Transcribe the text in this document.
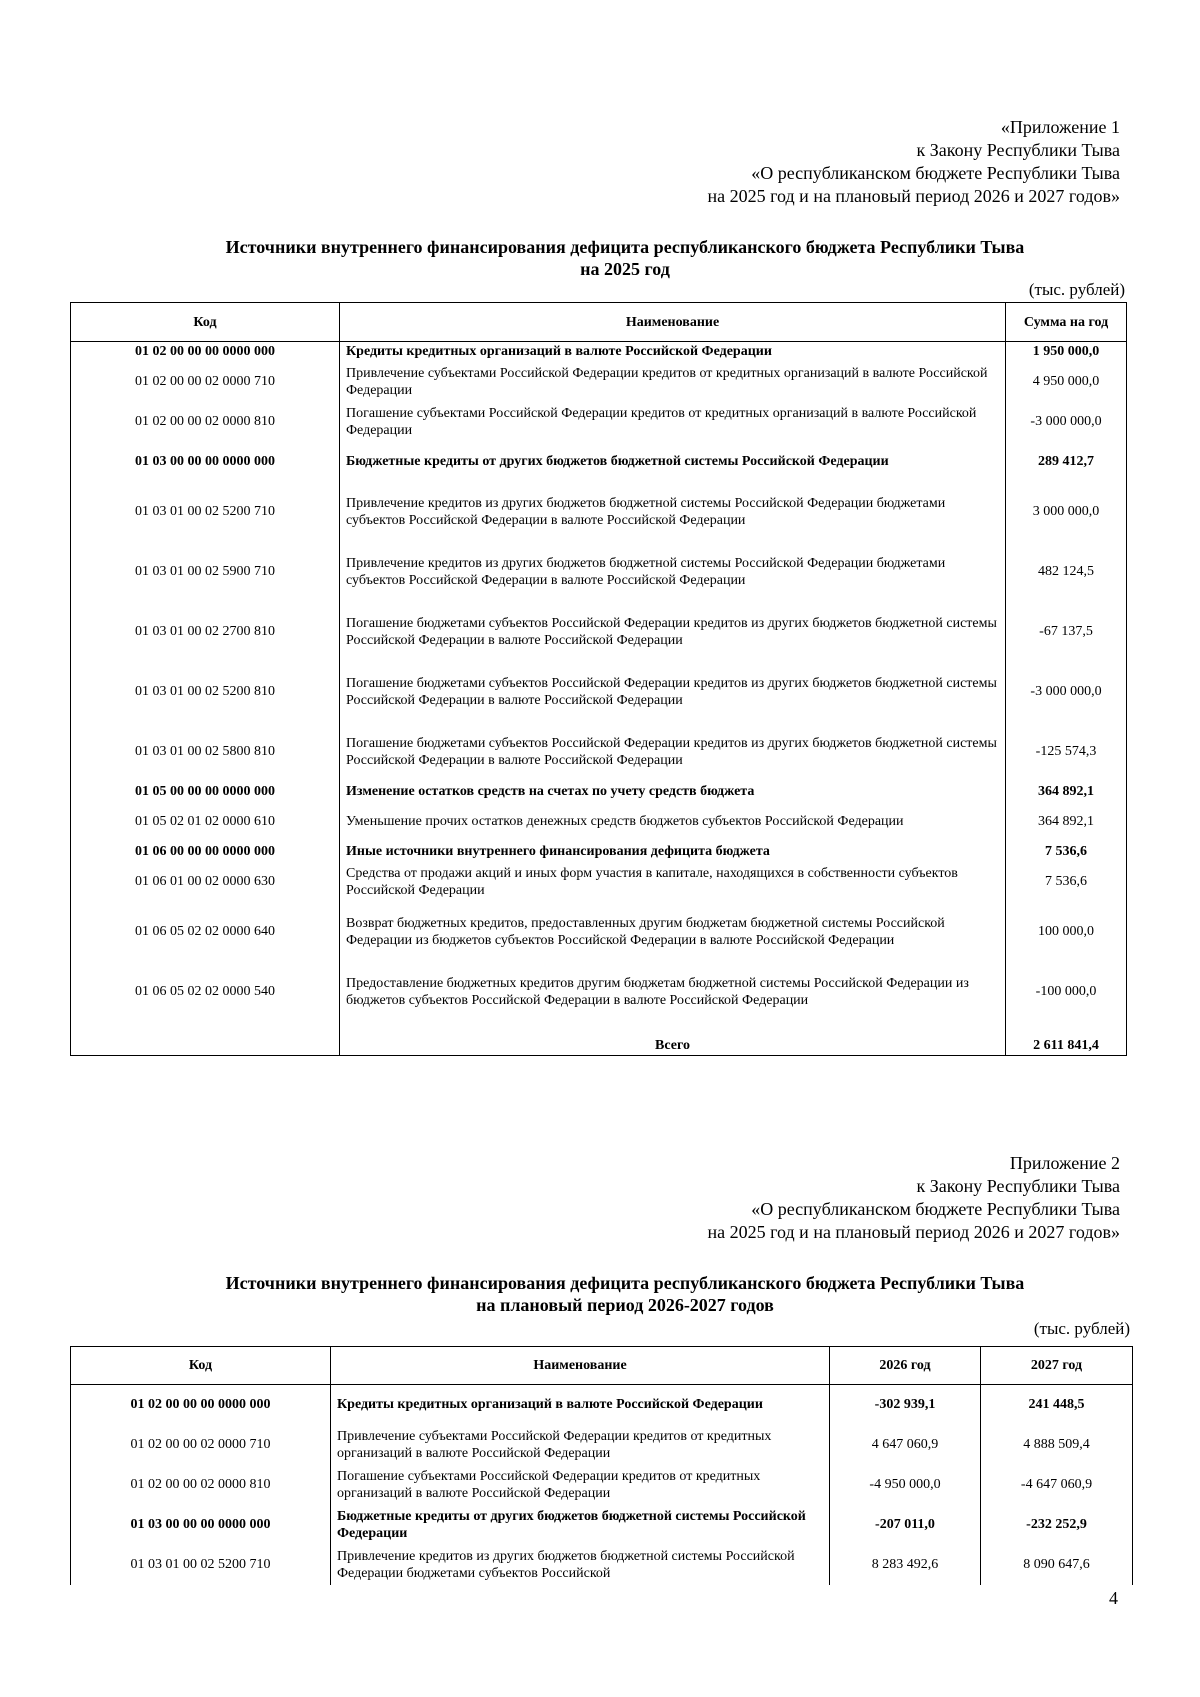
«Приложение 1
к Закону Республики Тыва
«О республиканском бюджете Республики Тыва
на 2025 год и на плановый период 2026 и 2027 годов»
Источники внутреннего финансирования дефицита республиканского бюджета Республики Тыва
на 2025 год
(тыс. рублей)
Код	Наименование	Сумма на год
01 02 00 00 00 0000 000	Кредиты кредитных организаций в валюте Российской Федерации	1 950 000,0
01 02 00 00 02 0000 710	Привлечение субъектами Российской Федерации кредитов от кредитных организаций в валюте Российской Федерации	4 950 000,0
01 02 00 00 02 0000 810	Погашение субъектами Российской Федерации кредитов от кредитных организаций в валюте Российской Федерации	-3 000 000,0
01 03 00 00 00 0000 000	Бюджетные кредиты от других бюджетов бюджетной системы Российской Федерации	289 412,7
01 03 01 00 02 5200 710	Привлечение кредитов из других бюджетов бюджетной системы Российской Федерации бюджетами субъектов Российской Федерации в валюте Российской Федерации	3 000 000,0
01 03 01 00 02 5900 710	Привлечение кредитов из других бюджетов бюджетной системы Российской Федерации бюджетами субъектов Российской Федерации в валюте Российской Федерации	482 124,5
01 03 01 00 02 2700 810	Погашение бюджетами субъектов Российской Федерации кредитов из других бюджетов бюджетной системы Российской Федерации в валюте Российской Федерации	-67 137,5
01 03 01 00 02 5200 810	Погашение бюджетами субъектов Российской Федерации кредитов из других бюджетов бюджетной системы Российской Федерации в валюте Российской Федерации	-3 000 000,0
01 03 01 00 02 5800 810	Погашение бюджетами субъектов Российской Федерации кредитов из других бюджетов бюджетной системы Российской Федерации в валюте Российской Федерации	-125 574,3
01 05 00 00 00 0000 000	Изменение остатков средств на счетах по учету средств бюджета	364 892,1
01 05 02 01 02 0000 610	Уменьшение прочих остатков денежных средств бюджетов субъектов Российской Федерации	364 892,1
01 06 00 00 00 0000 000	Иные источники внутреннего финансирования дефицита бюджета	7 536,6
01 06 01 00 02 0000 630	Средства от продажи акций и иных форм участия в капитале, находящихся в собственности субъектов Российской Федерации	7 536,6
01 06 05 02 02 0000 640	Возврат бюджетных кредитов, предоставленных другим бюджетам бюджетной системы Российской Федерации из бюджетов субъектов Российской Федерации в валюте Российской Федерации	100 000,0
01 06 05 02 02 0000 540	Предоставление бюджетных кредитов другим бюджетам бюджетной системы Российской Федерации из бюджетов субъектов Российской Федерации в валюте Российской Федерации	-100 000,0
	Всего	2 611 841,4
Приложение 2
к Закону Республики Тыва
«О республиканском бюджете Республики Тыва
на 2025 год и на плановый период 2026 и 2027 годов»
Источники внутреннего финансирования дефицита республиканского бюджета Республики Тыва
на плановый период 2026-2027 годов
(тыс. рублей)
Код	Наименование	2026 год	2027 год
01 02 00 00 00 0000 000	Кредиты кредитных организаций в валюте Российской Федерации	-302 939,1	241 448,5
01 02 00 00 02 0000 710	Привлечение субъектами Российской Федерации кредитов от кредитных организаций в валюте Российской Федерации	4 647 060,9	4 888 509,4
01 02 00 00 02 0000 810	Погашение субъектами Российской Федерации кредитов от кредитных организаций в валюте Российской Федерации	-4 950 000,0	-4 647 060,9
01 03 00 00 00 0000 000	Бюджетные кредиты от других бюджетов бюджетной системы Российской Федерации	-207 011,0	-232 252,9
01 03 01 00 02 5200 710	Привлечение кредитов из других бюджетов бюджетной системы Российской Федерации бюджетами субъектов Российской	8 283 492,6	8 090 647,6
4
